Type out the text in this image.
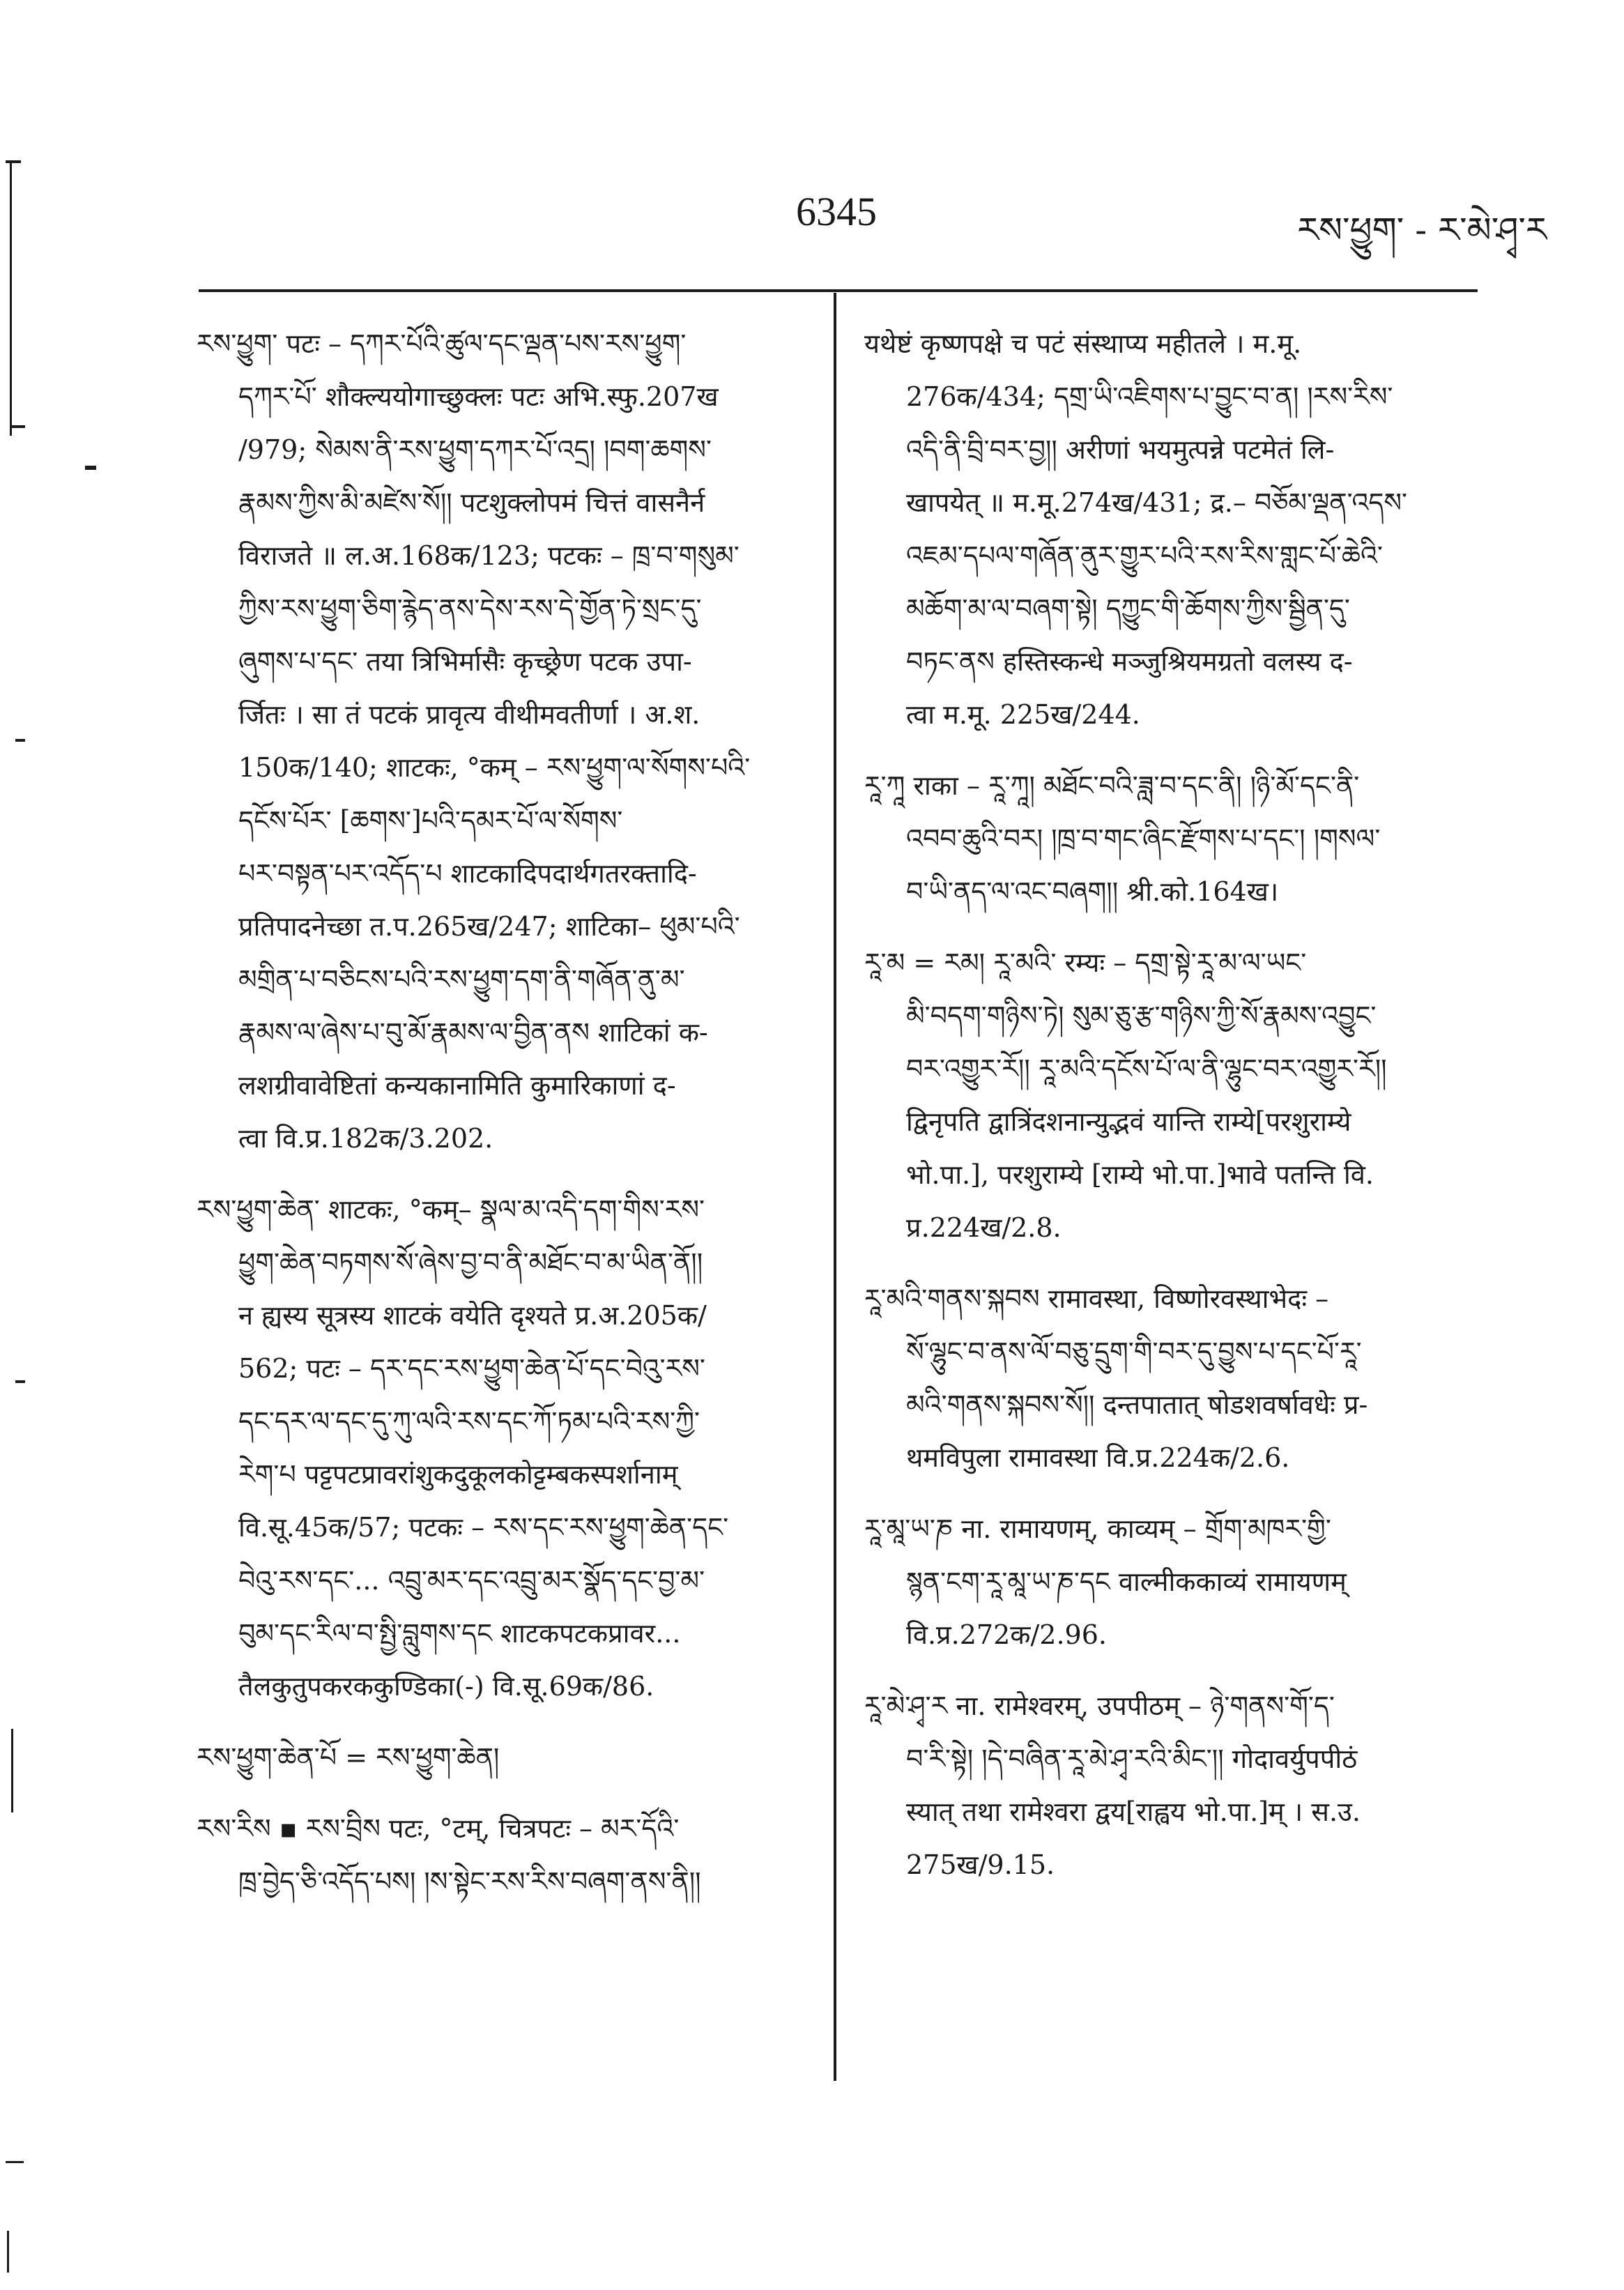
6345	རས་ཕྱུག་ - ར་མེ་ཤྭ་ར
རས་ཕྱུག་ पटः – དཀར་པོའི་ཚུལ་དང་ལྡན་པས་རས་ཕྱུག་
དཀར་པོ་ शौक्ल्ययोगाच्छुक्लः पटः अभि.स्फु.207ख
/979; སེམས་ནི་རས་ཕྱུག་དཀར་པོ་འདྲ། །བག་ཆགས་
རྣམས་ཀྱིས་མི་མཛེས་སོ།། पटशुक्लोपमं चित्तं वासनैर्न
विराजते ॥ ल.अ.168क/123; पटकः – ཁྲ་བ་གསུམ་
ཀྱིས་རས་ཕྱུག་ཅིག་རྙེད་ནས་དེས་རས་དེ་གྱོན་ཏེ་སྲང་དུ་
ཞུགས་པ་དང་ तया त्रिभिर्मासैः कृच्छ्रेण पटक उपा-
र्जितः । सा तं पटकं प्रावृत्य वीथीमवतीर्णा । अ.श.
150क/140; शाटकः, °कम् – རས་ཕྱུག་ལ་སོགས་པའི་
དངོས་པོར་ [ཆགས་]པའི་དམར་པོ་ལ་སོགས་
པར་བསྟན་པར་འདོད་པ शाटकादिपदार्थगतरक्तादि-
प्रतिपादनेच्छा त.प.265ख/247; शाटिका– ཕུམ་པའི་
མགྲིན་པ་བཅིངས་པའི་རས་ཕྱུག་དག་ནི་གཞོན་ནུ་མ་
རྣམས་ལ་ཞེས་པ་བུ་མོ་རྣམས་ལ་བྱིན་ནས शाटिकां क-
लशग्रीवावेष्टितां कन्यकानामिति कुमारिकाणां द-
त्वा वि.प्र.182क/3.202.
རས་ཕྱུག་ཆེན་ शाटकः, °कम्– སྣལ་མ་འདི་དག་གིས་རས་
ཕྱུག་ཆེན་བཏགས་སོ་ཞེས་བྱ་བ་ནི་མཐོང་བ་མ་ཡིན་ནོ།།
न ह्यस्य सूत्रस्य शाटकं वयेति दृश्यते प्र.अ.205क/
562; पटः – དར་དང་རས་ཕྱུག་ཆེན་པོ་དང་བེའུ་རས་
དང་དར་ལ་དང་དུ་ཀུ་ལའི་རས་དང་ཀོ་ཏམ་པའི་རས་ཀྱི་
རེག་པ पट्टपटप्रावरांशुकदुकूलकोट्टम्बकस्पर्शानाम्
वि.सू.45क/57; पटकः – རས་དང་རས་ཕྱུག་ཆེན་དང་
བེའུ་རས་དང་... འབྲུ་མར་དང་འབྲུ་མར་སྣོད་དང་བྱ་མ་
བུམ་དང་རིལ་བ་སྤྱི་བླུགས་དང शाटकपटकप्रावर...
तैलकुतुपकरककुण्डिका(-) वि.सू.69क/86.
རས་ཕྱུག་ཆེན་པོ = རས་ཕྱུག་ཆེན།
རས་རིས ▪ རས་བྲིས पटः, °टम्, चित्रपटः – མར་དོའི་
ཁྲ་བྱེད་ཅི་འདོད་པས། །ས་སྟེང་རས་རིས་བཞག་ནས་ནི།།
यथेष्टं कृष्णपक्षे च पटं संस्थाप्य महीतले । म.मू.
276क/434; དགྲ་ཡི་འཇིགས་པ་བྱུང་བ་ན། །རས་རིས་
འདི་ནི་བྲི་བར་བྱ།། अरीणां भयमुत्पन्ने पटमेतं लि-
खापयेत् ॥ म.मू.274ख/431; द्र.– བཅོམ་ལྡན་འདས་
འཇམ་དཔལ་གཞོན་ནུར་གྱུར་པའི་རས་རིས་གླང་པོ་ཆེའི་
མཆོག་མ་ལ་བཞག་སྟེ། དཀྱུང་གི་ཆོགས་ཀྱིས་སྦྱིན་དུ་
བཏང་ནས हस्तिस्कन्धे मञ्जुश्रियमग्रतो वलस्य द-
त्वा म.मू. 225ख/244.
རཱ་ཀཱ राका – རཱ་ཀཱ། མཐོང་བའི་ཟླ་བ་དང་ནི། །ཉི་མོ་དང་ནི་
འབབ་ཆུའི་བར། །ཁྲ་བ་གང་ཞིང་རྫོགས་པ་དང་། །གསལ་
བ་ཡི་ནད་ལ་འང་བཞག།། श्री.को.164ख।
རཱ་མ = རམ། རཱ་མའི་ रम्यः – དགྲ་སྟེ་རཱ་མ་ལ་ཡང་
མི་བདག་གཉིས་ཏེ། སུམ་ཅུ་རྩ་གཉིས་ཀྱི་སོ་རྣམས་འབྱུང་
བར་འགྱུར་རོ།། རཱ་མའི་དངོས་པོ་ལ་ནི་ལྷུང་བར་འགྱུར་རོ།།
द्विनृपति द्वात्रिंदशनान्युद्भवं यान्ति राम्ये[परशुराम्ये
भो.पा.], परशुराम्ये [राम्ये भो.पा.]भावे पतन्ति वि.
प्र.224ख/2.8.
རཱ་མའི་གནས་སྐབས रामावस्था, विष्णोरवस्थाभेदः –
སོ་ལྷུང་བ་ནས་ལོ་བཅུ་དྲུག་གི་བར་དུ་བྱུས་པ་དང་པོ་རཱ་
མའི་གནས་སྐབས་སོ།། दन्तपातात् षोडशवर्षावधेः प्र-
थमविपुला रामावस्था वि.प्र.224क/2.6.
རཱ་མཱ་ཡ་ཎ ना. रामायणम्, काव्यम् – གྲོག་མཁར་གྱི་
སྙན་ངག་རཱ་མཱ་ཡ་ཎ་དང वाल्मीककाव्यं रामायणम्
वि.प्र.272क/2.96.
རཱ་མེ་ཤྭ་ར ना. रामेश्वरम्, उपपीठम् – ཉེ་གནས་གོ་ད་
བ་རི་སྟེ། །དེ་བཞིན་རཱ་མེ་ཤྭ་རའི་མིང་།། गोदावर्युपपीठं
स्यात् तथा रामेश्वरा द्वय[राह्वय भो.पा.]म् । स.उ.
275ख/9.15.
